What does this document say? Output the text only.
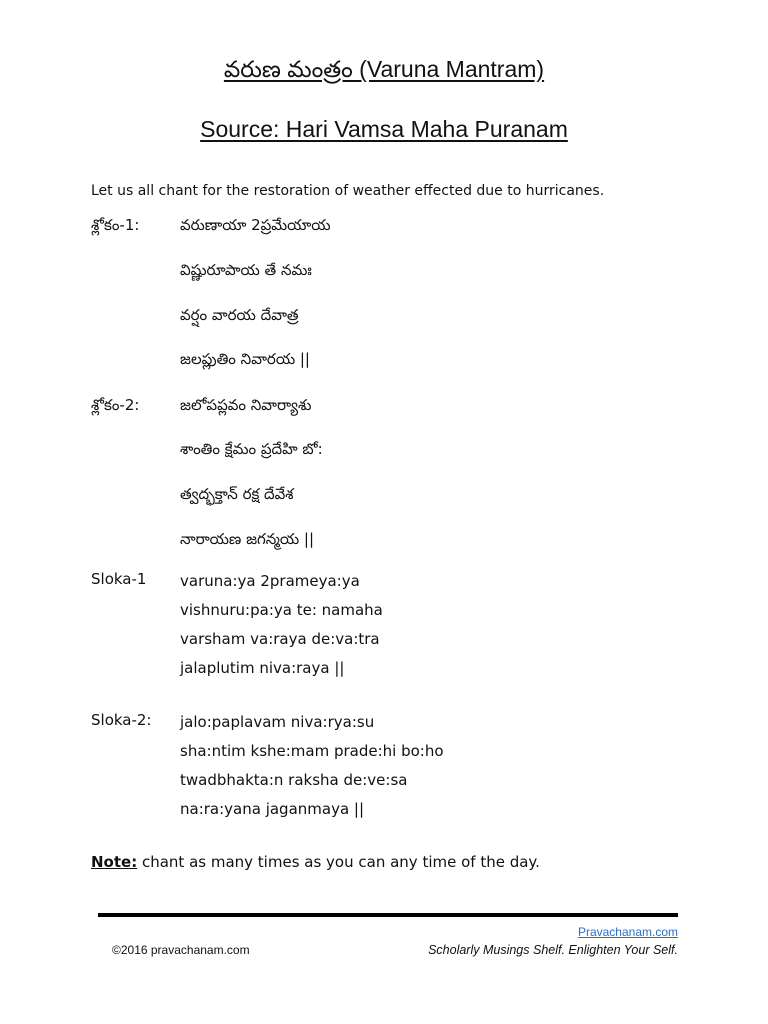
వరుణ మంత్రం (Varuna Mantram)
Source: Hari Vamsa Maha Puranam
Let us all chant for the restoration of weather effected due to hurricanes.
శ్లోకం-1:	వరుణాయా 2ప్రమేయాయ
విష్ణురూపాయ తే నమః
వర్షం వారయ దేవాత్ర
జలప్లుతిం నివారయ ||
శ్లోకం-2:	జలోపప్లవం నివార్యాశు
శాంతిం క్షేమం ప్రదేహి బో:
త్వద్భక్తాన్ రక్ష దేవేశ
నారాయణ జగన్మయ ||
Sloka-1 varuna:ya 2prameya:ya
vishnuru:pa:ya te: namaha
varsham va:raya de:va:tra
jalaplutim niva:raya ||
Sloka-2: jalo:paplavam niva:rya:su
sha:ntim kshe:mam prade:hi bo:ho
twadbhakta:n raksha de:ve:sa
na:ra:yana jaganmaya ||
Note: chant as many times as you can any time of the day.
Pravachanam.com
©2016 pravachanam.com	Scholarly Musings Shelf. Enlighten Your Self.
